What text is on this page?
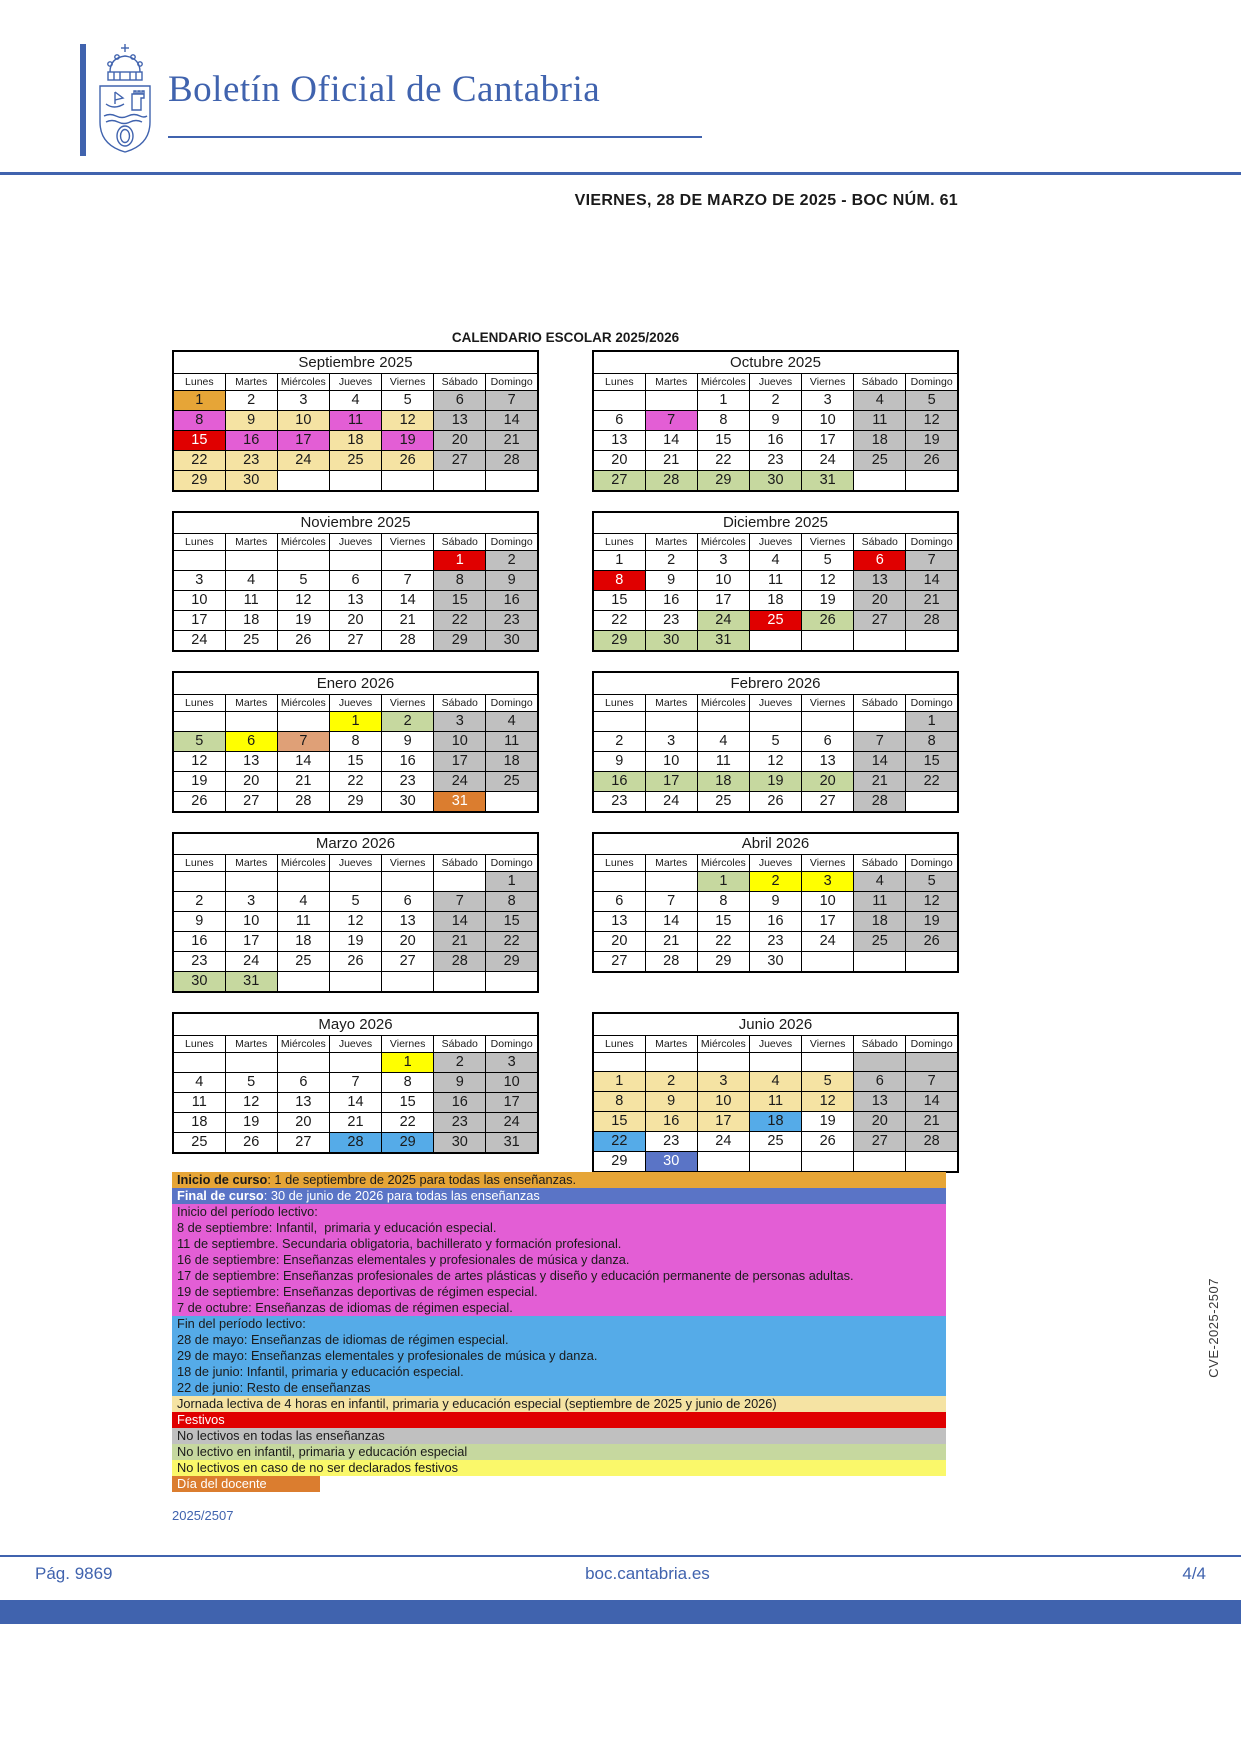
Boletín Oficial de Cantabria
VIERNES, 28 DE MARZO DE 2025 - BOC NÚM. 61
CALENDARIO ESCOLAR 2025/2026
Septiembre 2025						
Lunes	Martes	Miércoles	Jueves	Viernes	Sábado	Domingo
1	2	3	4	5	6	7
8	9	10	11	12	13	14
15	16	17	18	19	20	21
22	23	24	25	26	27	28
29	30					
Octubre 2025						
Lunes	Martes	Miércoles	Jueves	Viernes	Sábado	Domingo
		1	2	3	4	5
6	7	8	9	10	11	12
13	14	15	16	17	18	19
20	21	22	23	24	25	26
27	28	29	30	31		
Noviembre 2025						
Lunes	Martes	Miércoles	Jueves	Viernes	Sábado	Domingo
					1	2
3	4	5	6	7	8	9
10	11	12	13	14	15	16
17	18	19	20	21	22	23
24	25	26	27	28	29	30
Diciembre 2025						
Lunes	Martes	Miércoles	Jueves	Viernes	Sábado	Domingo
1	2	3	4	5	6	7
8	9	10	11	12	13	14
15	16	17	18	19	20	21
22	23	24	25	26	27	28
29	30	31				
Enero 2026						
Lunes	Martes	Miércoles	Jueves	Viernes	Sábado	Domingo
			1	2	3	4
5	6	7	8	9	10	11
12	13	14	15	16	17	18
19	20	21	22	23	24	25
26	27	28	29	30	31	
Febrero 2026						
Lunes	Martes	Miércoles	Jueves	Viernes	Sábado	Domingo
						1
2	3	4	5	6	7	8
9	10	11	12	13	14	15
16	17	18	19	20	21	22
23	24	25	26	27	28	
Marzo 2026						
Lunes	Martes	Miércoles	Jueves	Viernes	Sábado	Domingo
						1
2	3	4	5	6	7	8
9	10	11	12	13	14	15
16	17	18	19	20	21	22
23	24	25	26	27	28	29
30	31					
Abril 2026						
Lunes	Martes	Miércoles	Jueves	Viernes	Sábado	Domingo
		1	2	3	4	5
6	7	8	9	10	11	12
13	14	15	16	17	18	19
20	21	22	23	24	25	26
27	28	29	30			
Mayo 2026						
Lunes	Martes	Miércoles	Jueves	Viernes	Sábado	Domingo
				1	2	3
4	5	6	7	8	9	10
11	12	13	14	15	16	17
18	19	20	21	22	23	24
25	26	27	28	29	30	31
Junio 2026						
Lunes	Martes	Miércoles	Jueves	Viernes	Sábado	Domingo

1	2	3	4	5	6	7
8	9	10	11	12	13	14
15	16	17	18	19	20	21
22	23	24	25	26	27	28
29	30					
Inicio de curso: 1 de septiembre de 2025 para todas las enseñanzas.
Final de curso: 30 de junio de 2026 para todas las enseñanzas
Inicio del período lectivo:
8 de septiembre: Infantil,  primaria y educación especial.
11 de septiembre. Secundaria obligatoria, bachillerato y formación profesional.
16 de septiembre: Enseñanzas elementales y profesionales de música y danza.
17 de septiembre: Enseñanzas profesionales de artes plásticas y diseño y educación permanente de personas adultas.
19 de septiembre: Enseñanzas deportivas de régimen especial.
7 de octubre: Enseñanzas de idiomas de régimen especial.
Fin del período lectivo:
28 de mayo: Enseñanzas de idiomas de régimen especial.
29 de mayo: Enseñanzas elementales y profesionales de música y danza.
18 de junio: Infantil, primaria y educación especial.
22 de junio: Resto de enseñanzas
Jornada lectiva de 4 horas en infantil, primaria y educación especial (septiembre de 2025 y junio de 2026)
Festivos
No lectivos en todas las enseñanzas
No lectivo en infantil, primaria y educación especial
No lectivos en caso de no ser declarados festivos
Día del docente
2025/2507
CVE-2025-2507
Pág. 9869	boc.cantabria.es	4/4
